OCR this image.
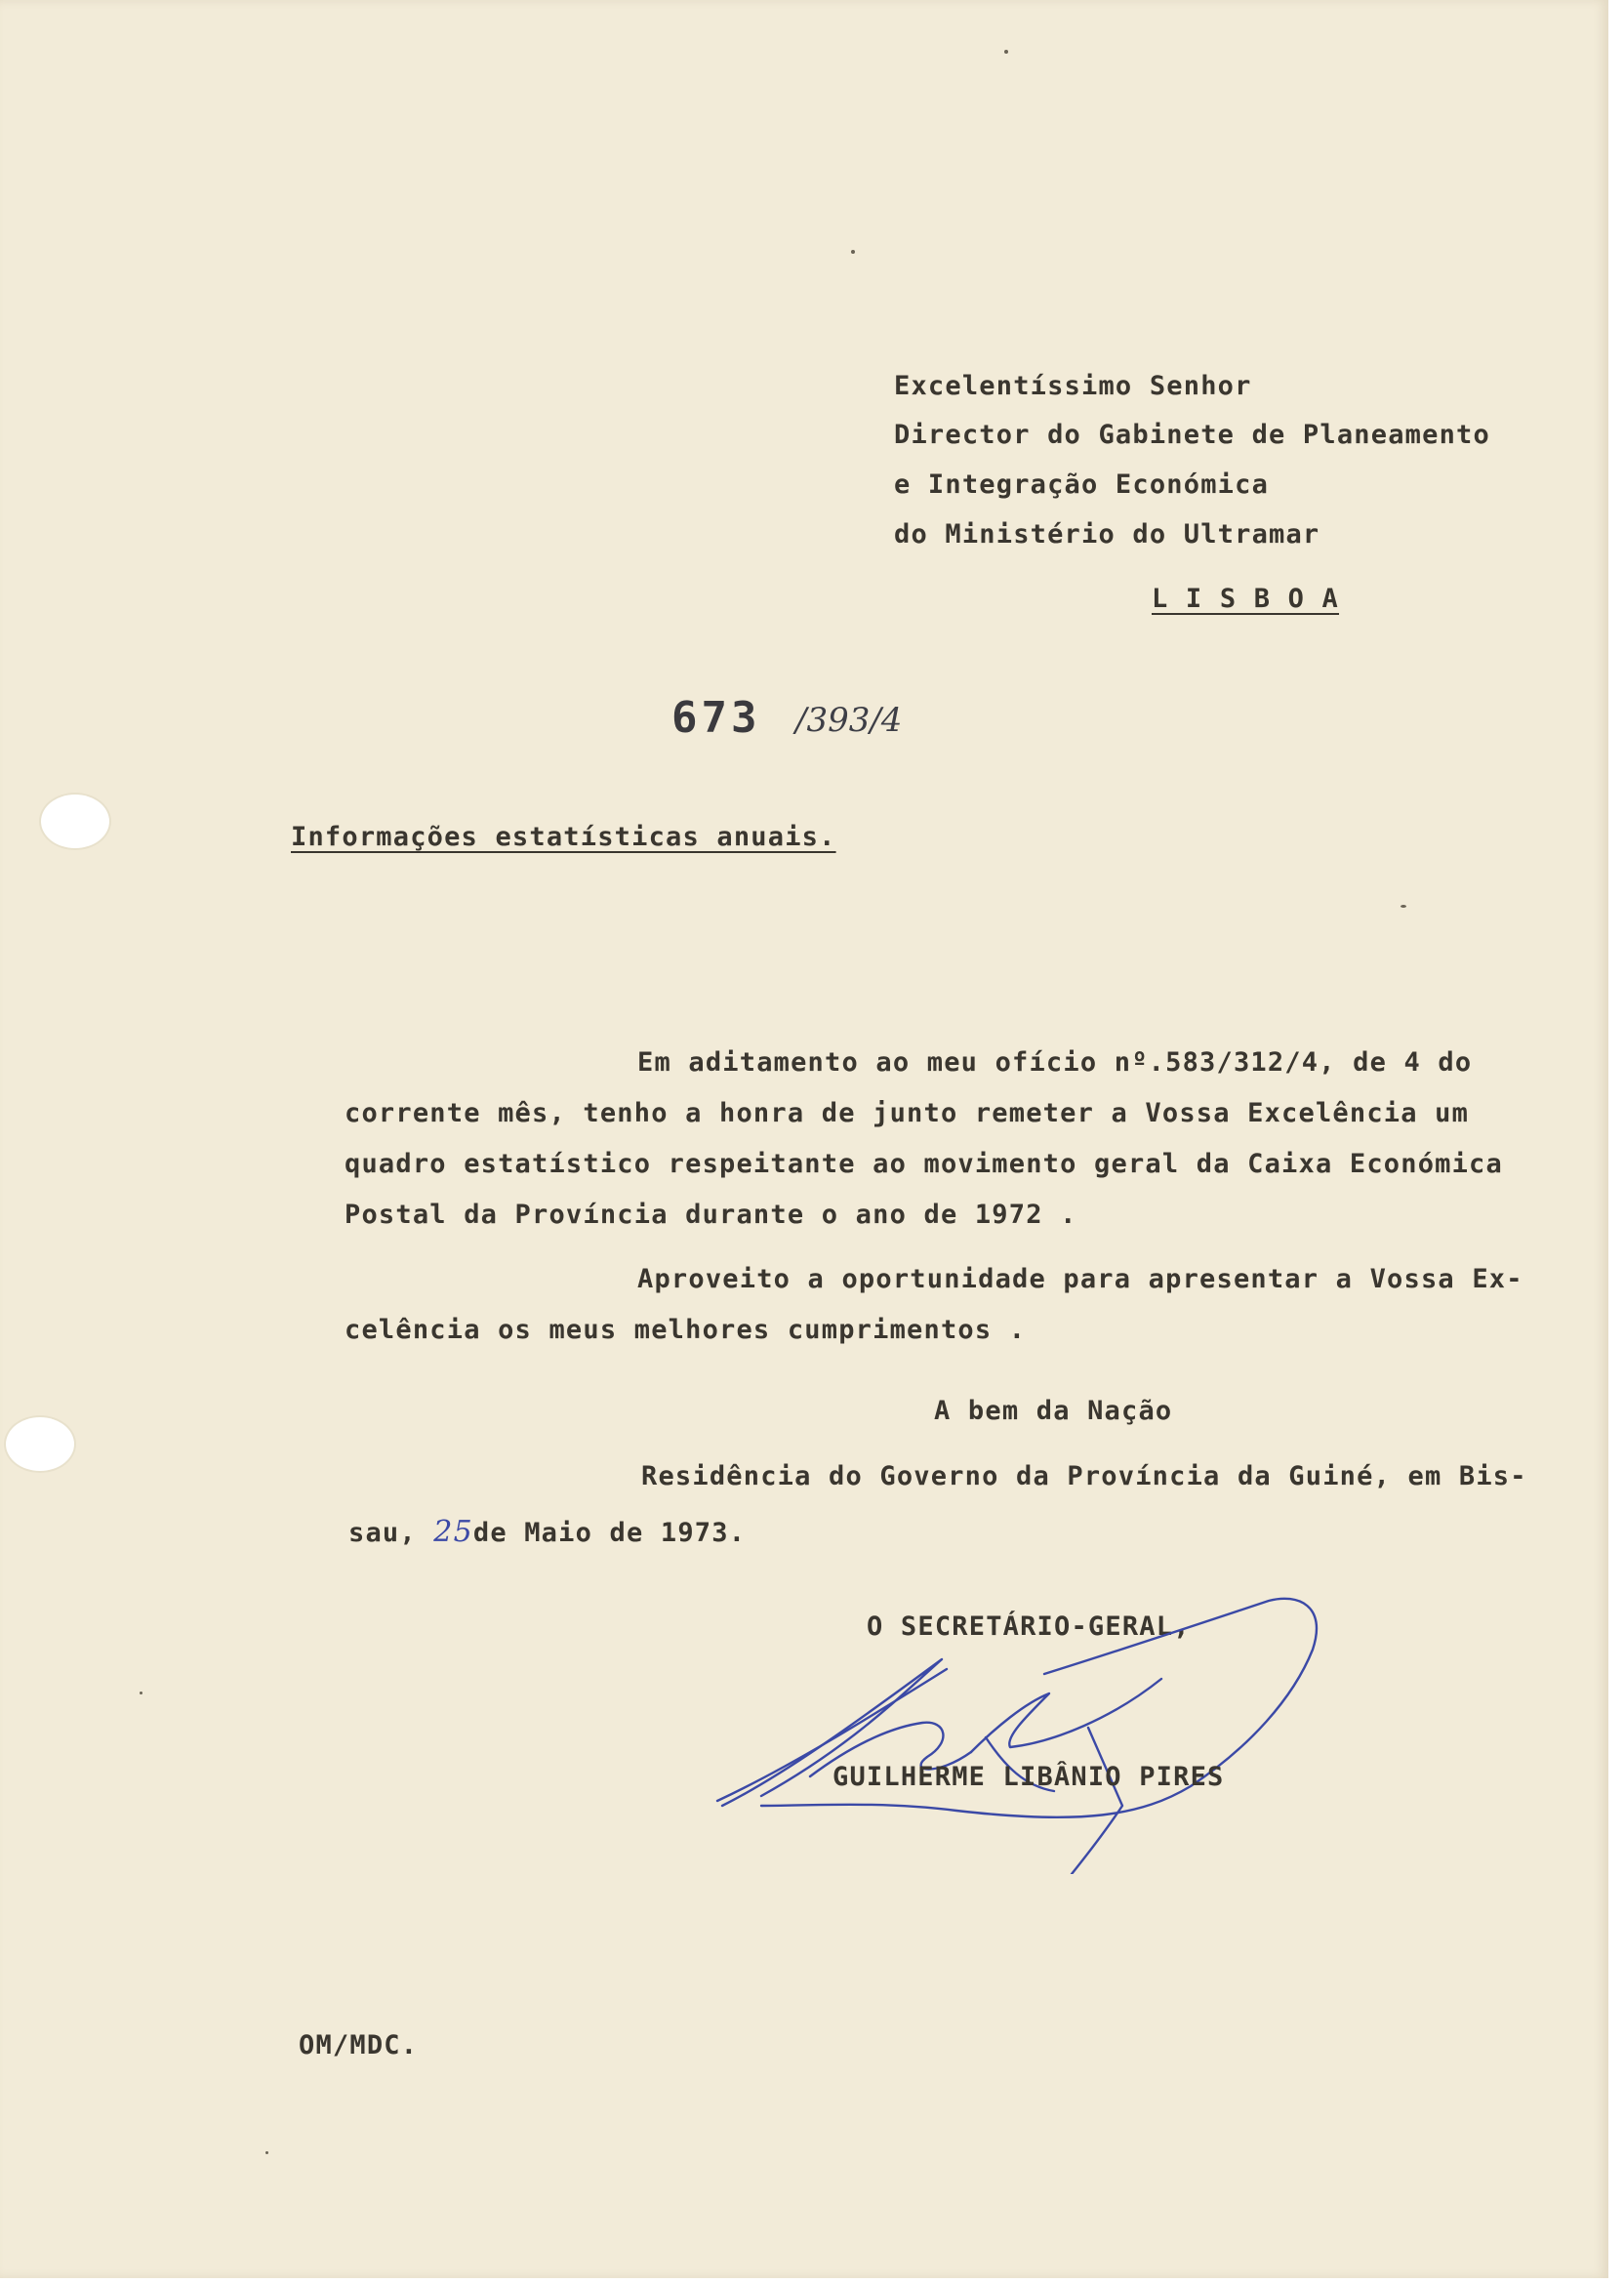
Excelentíssimo Senhor
Director do Gabinete de Planeamento
e Integração Económica
do Ministério do Ultramar
L I S B O A
673 /393/4
Informações estatísticas anuais.
Em aditamento ao meu ofício nº.583/312/4, de 4 do
corrente mês, tenho a honra de junto remeter a Vossa Excelência um
quadro estatístico respeitante ao movimento geral da Caixa Económica
Postal da Província durante o ano de 1972 .
Aproveito a oportunidade para apresentar a Vossa Ex-
celência os meus melhores cumprimentos .
A bem da Nação
Residência do Governo da Província da Guiné, em Bis-
sau, 25de Maio de 1973.
O SECRETÁRIO-GERAL,
GUILHERME LIBÂNIO PIRES
OM/MDC.
